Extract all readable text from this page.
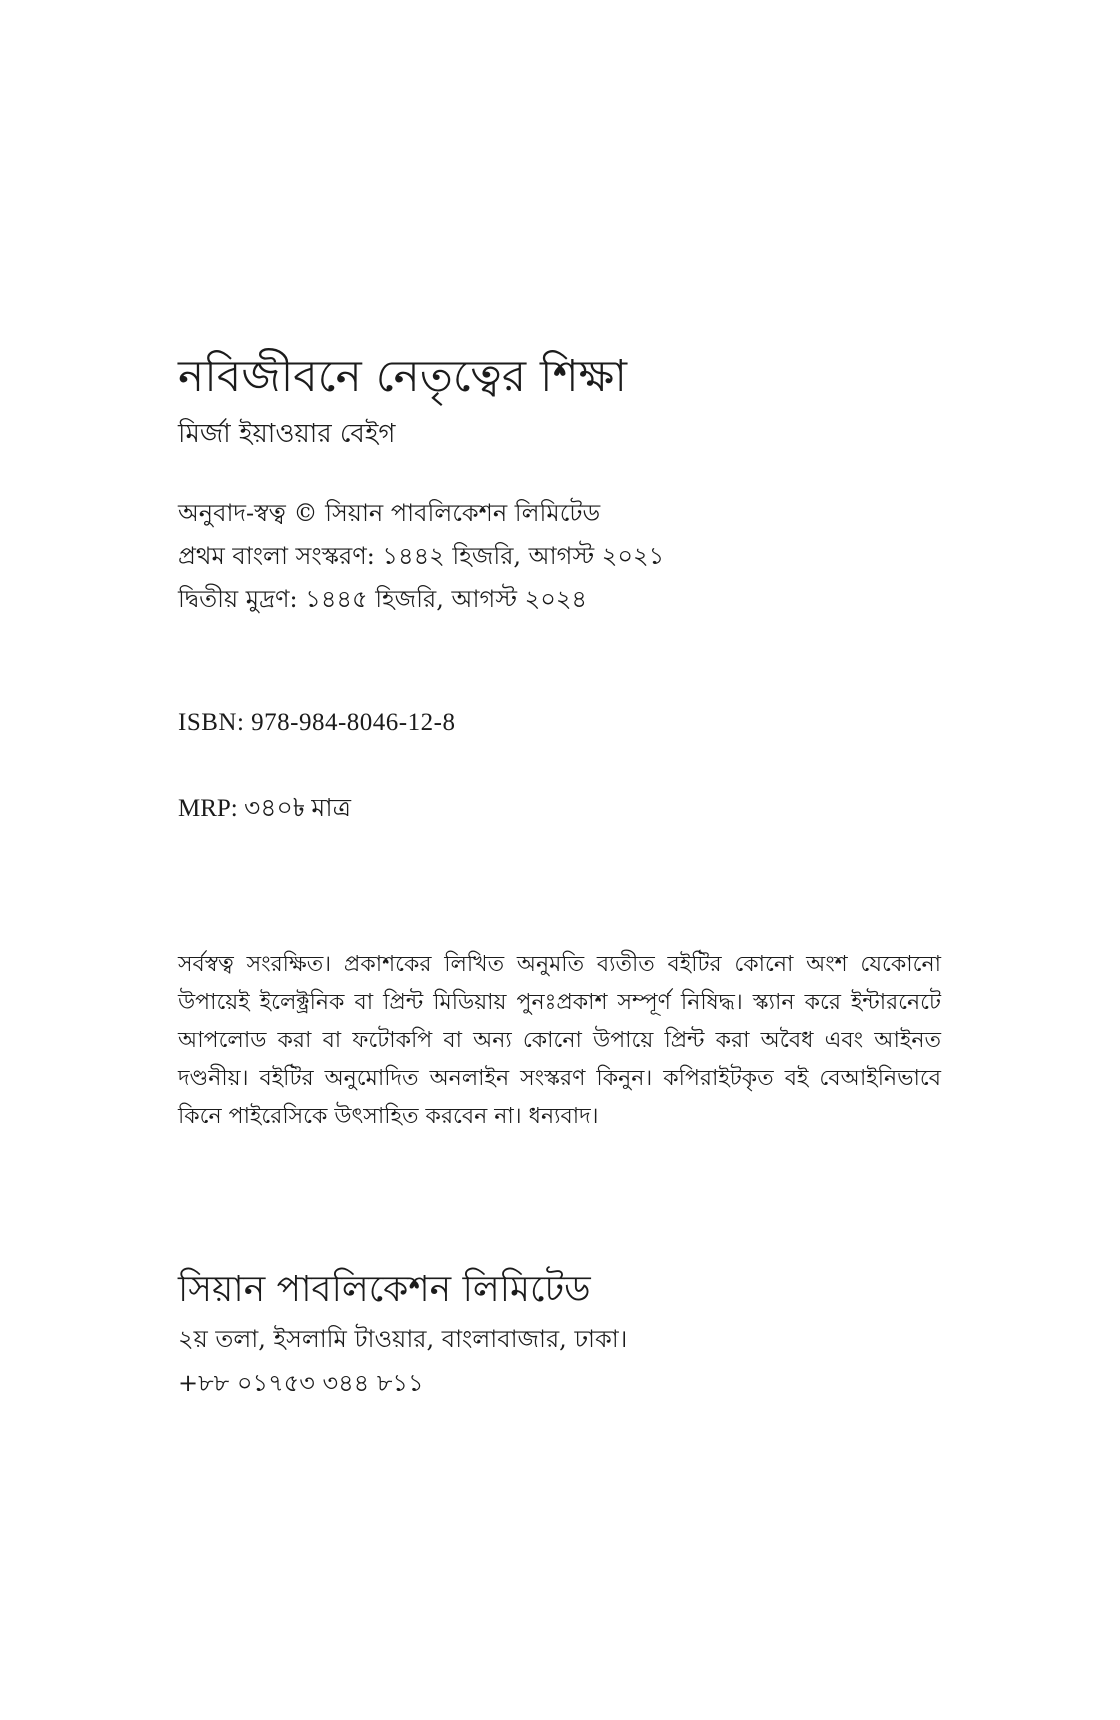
নবিজীবনে নেতৃত্বের শিক্ষা
মির্জা ইয়াওয়ার বেইগ
অনুবাদ-স্বত্ব © সিয়ান পাবলিকেশন লিমিটেড
প্রথম বাংলা সংস্করণ: ১৪৪২ হিজরি, আগস্ট ২০২১
দ্বিতীয় মুদ্রণ: ১৪৪৫ হিজরি, আগস্ট ২০২৪
ISBN: 978-984-8046-12-8
MRP: ৩৪০৳ মাত্র
সর্বস্বত্ব সংরক্ষিত। প্রকাশকের লিখিত অনুমতি ব্যতীত বইটির কোনো অংশ যেকোনো
উপায়েই ইলেক্ট্রনিক বা প্রিন্ট মিডিয়ায় পুনঃপ্রকাশ সম্পূর্ণ নিষিদ্ধ। স্ক্যান করে ইন্টারনেটে
আপলোড করা বা ফটোকপি বা অন্য কোনো উপায়ে প্রিন্ট করা অবৈধ এবং আইনত
দণ্ডনীয়। বইটির অনুমোদিত অনলাইন সংস্করণ কিনুন। কপিরাইটকৃত বই বেআইনিভাবে
কিনে পাইরেসিকে উৎসাহিত করবেন না। ধন্যবাদ।
সিয়ান পাবলিকেশন লিমিটেড
২য় তলা, ইসলামি টাওয়ার, বাংলাবাজার, ঢাকা।
+৮৮ ০১৭৫৩ ৩৪৪ ৮১১
